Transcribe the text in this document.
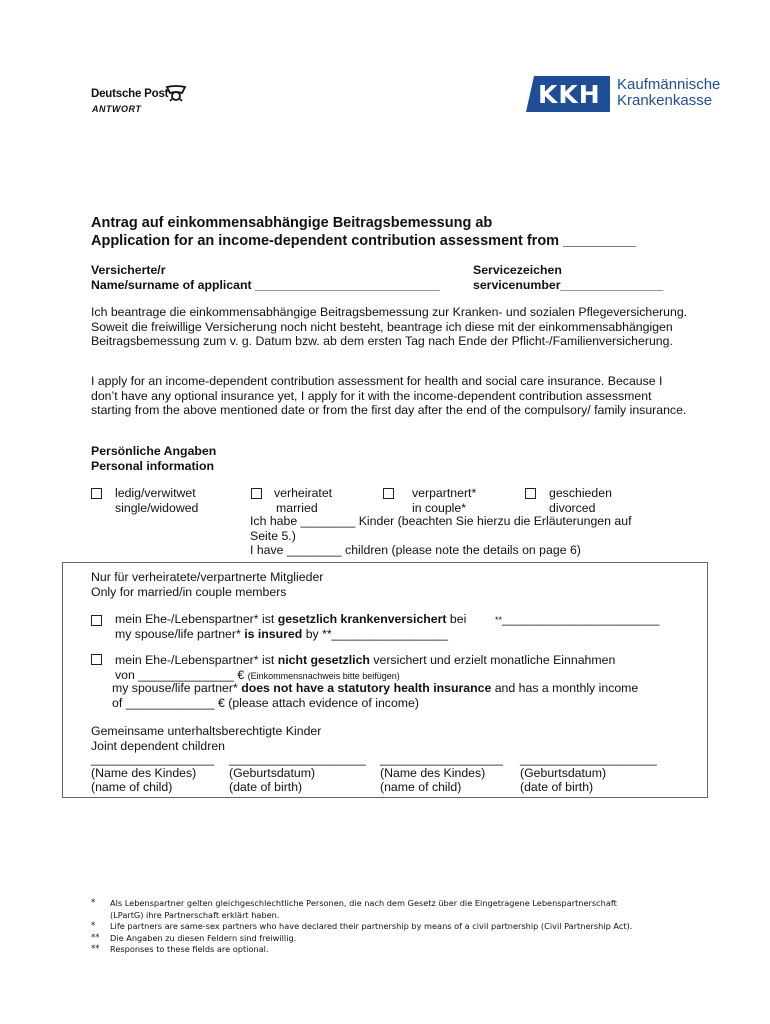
Deutsche Post
ANTWORT	KKH Kaufmännische
Krankenkasse
Antrag auf einkommensabhängige Beitragsbemessung ab
Application for an income-dependent contribution assessment from _________
Versicherte/r
Name/surname of applicant ___________________________
Servicezeichen
servicenumber_______________
Ich beantrage die einkommensabhängige Beitragsbemessung zur Kranken- und sozialen Pflegeversicherung. Soweit die freiwillige Versicherung noch nicht besteht, beantrage ich diese mit der einkommensabhängigen Beitragsbemessung zum v. g. Datum bzw. ab dem ersten Tag nach Ende der Pflicht-/Familienversicherung.
I apply for an income-dependent contribution assessment for health and social care insurance. Because I don’t have any optional insurance yet, I apply for it with the income-dependent contribution assessment starting from the above mentioned date or from the first day after the end of the compulsory/ family insurance.
Persönliche Angaben
Personal information
ledig/verwitwet
single/widowed
verheiratet
married
verpartnert*
in couple*
geschieden
divorced
Ich habe ________ Kinder (beachten Sie hierzu die Erläuterungen auf
Seite 5.)
I have ________ children (please note the details on page 6)
Nur für verheiratete/verpartnerte Mitglieder
Only for married/in couple members
mein Ehe-/Lebenspartner* ist gesetzlich krankenversichert bei
my spouse/life partner* is insured by **_________________
**_______________________
mein Ehe-/Lebenspartner* ist nicht gesetzlich versichert und erzielt monatliche Einnahmen
von ______________ € (Einkommensnachweis bitte beifügen)
my spouse/life partner* does not have a statutory health insurance and has a monthly income
of _____________ € (please attach evidence of income)
Gemeinsame unterhaltsberechtigte Kinder
Joint dependent children
__________________
(Name des Kindes)
(name of child)
____________________
(Geburtsdatum)
(date of birth)
__________________
(Name des Kindes)
(name of child)
____________________
(Geburtsdatum)
(date of birth)
* Als Lebenspartner gelten gleichgeschlechtliche Personen, die nach dem Gesetz über die Eingetragene Lebenspartnerschaft
(LPartG) ihre Partnerschaft erklärt haben.
* Life partners are same-sex partners who have declared their partnership by means of a civil partnership (Civil Partnership Act).
** Die Angaben zu diesen Feldern sind freiwillig.
** Responses to these fields are optional.
